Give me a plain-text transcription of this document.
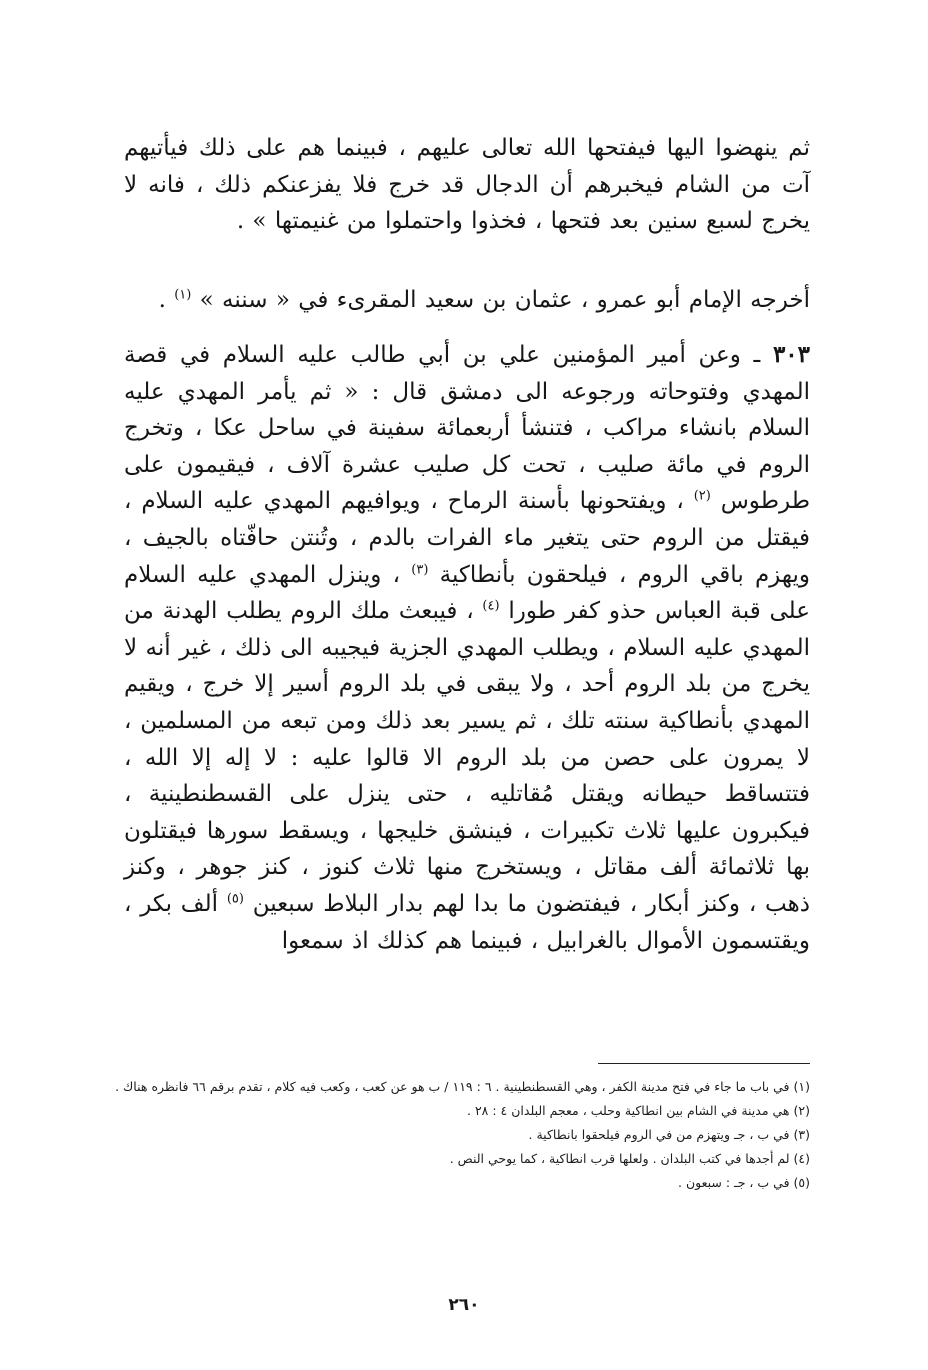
ثم ينهضوا اليها فيفتحها الله تعالى عليهم ، فبينما هم على ذلك فيأتيهم آت من الشام فيخبرهم أن الدجال قد خرج فلا يفزعنكم ذلك ، فانه لا يخرج لسبع سنين بعد فتحها ، فخذوا واحتملوا من غنيمتها » .

أخرجه الإمام أبو عمرو ، عثمان بن سعيد المقرىء في « سننه » $^{(١)}$ .

٣٠٣ ـ وعن أمير المؤمنين علي بن أبي طالب عليه السلام في قصة المهدي وفتوحاته ورجوعه الى دمشق قال : « ثم يأمر المهدي عليه السلام بانشاء مراكب ، فتنشأ أربعمائة سفينة في ساحل عكا ، وتخرج الروم في مائة صليب ، تحت كل صليب عشرة آلاف ، فيقيمون على طرطوس $^{(٢)}$ ، ويفتحونها بأسنة الرماح ، ويوافيهم المهدي عليه السلام ، فيقتل من الروم حتى يتغير ماء الفرات بالدم ، وتُنتن حافّتاه بالجيف ، ويهزم باقي الروم ، فيلحقون بأنطاكية $^{(٣)}$ ، وينزل المهدي عليه السلام على قبة العباس حذو كفر طورا $^{(٤)}$ ، فيبعث ملك الروم يطلب الهدنة من المهدي عليه السلام ، ويطلب المهدي الجزية فيجيبه الى ذلك ، غير أنه لا يخرج من بلد الروم أحد ، ولا يبقى في بلد الروم أسير إلا خرج ، ويقيم المهدي بأنطاكية سنته تلك ، ثم يسير بعد ذلك ومن تبعه من المسلمين ، لا يمرون على حصن من بلد الروم الا قالوا عليه : لا إله إلا الله ، فتتساقط حيطانه ويقتل مُقاتليه ، حتى ينزل على القسطنطينية ، فيكبرون عليها ثلاث تكبيرات ، فينشق خليجها ، ويسقط سورها فيقتلون بها ثلاثمائة ألف مقاتل ، ويستخرج منها ثلاث كنوز ، كنز جوهر ، وكنز ذهب ، وكنز أبكار ، فيفتضون ما بدا لهم بدار البلاط سبعين $^{(٥)}$ ألف بكر ، ويقتسمون الأموال بالغرابيل ، فبينما هم كذلك اذ سمعوا

(١) في باب ما جاء في فتح مدينة الكفر ، وهي القسطنطينية . ٦ : ١١٩ / ب هو عن كعب ، وكعب فيه كلام ، تقدم برقم ٦٦ فانظره هناك .
(٢) هي مدينة في الشام بين انطاكية وحلب ، معجم البلدان ٤ : ٢٨ .
(٣) في ب ، جـ ويتهزم من في الروم فيلحقوا بانطاكية .
(٤) لم أجدها في كتب البلدان . ولعلها قرب انطاكية ، كما يوحي النص .
(٥) في ب ، جـ : سبعون .
٢٦٠
